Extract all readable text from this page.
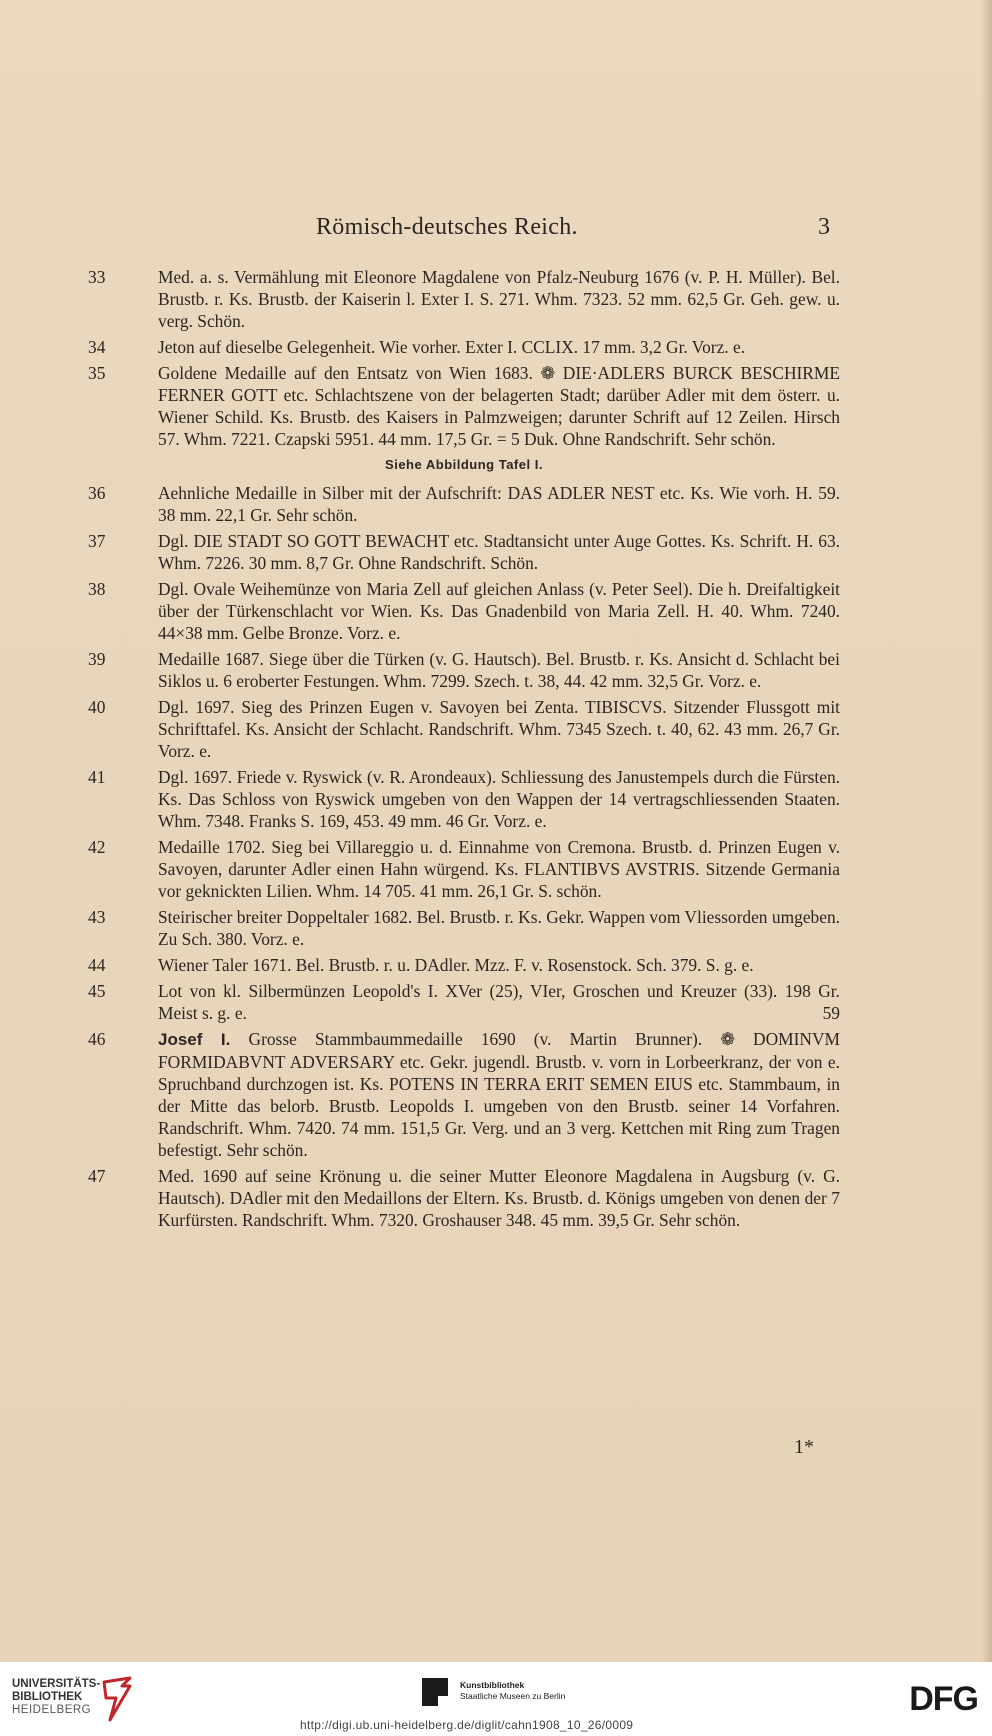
Römisch-deutsches Reich.	3
33	Med. a. s. Vermählung mit Eleonore Magdalene von Pfalz-Neuburg 1676 (v. P. H. Müller). Bel. Brustb. r. Ks. Brustb. der Kaiserin l. Exter I. S. 271. Whm. 7323. 52 mm. 62,5 Gr. Geh. gew. u. verg. Schön.
34	Jeton auf dieselbe Gelegenheit. Wie vorher. Exter I. CCLIX. 17 mm. 3,2 Gr. Vorz. e.
35	Goldene Medaille auf den Entsatz von Wien 1683. ❁ DIE·ADLERS BURCK BESCHIRME FERNER GOTT etc. Schlachtszene von der belagerten Stadt; darüber Adler mit dem österr. u. Wiener Schild. Ks. Brustb. des Kaisers in Palmzweigen; darunter Schrift auf 12 Zeilen. Hirsch 57. Whm. 7221. Czapski 5951. 44 mm. 17,5 Gr. = 5 Duk. Ohne Randschrift. Sehr schön.
Siehe Abbildung Tafel I.
36	Aehnliche Medaille in Silber mit der Aufschrift: DAS ADLER NEST etc. Ks. Wie vorh. H. 59. 38 mm. 22,1 Gr. Sehr schön.
37	Dgl. DIE STADT SO GOTT BEWACHT etc. Stadtansicht unter Auge Gottes. Ks. Schrift. H. 63. Whm. 7226. 30 mm. 8,7 Gr. Ohne Randschrift. Schön.
38	Dgl. Ovale Weihemünze von Maria Zell auf gleichen Anlass (v. Peter Seel). Die h. Dreifaltigkeit über der Türkenschlacht vor Wien. Ks. Das Gnadenbild von Maria Zell. H. 40. Whm. 7240. 44×38 mm. Gelbe Bronze. Vorz. e.
39	Medaille 1687. Siege über die Türken (v. G. Hautsch). Bel. Brustb. r. Ks. Ansicht d. Schlacht bei Siklos u. 6 eroberter Festungen. Whm. 7299. Szech. t. 38, 44. 42 mm. 32,5 Gr. Vorz. e.
40	Dgl. 1697. Sieg des Prinzen Eugen v. Savoyen bei Zenta. TIBISCVS. Sitzender Flussgott mit Schrifttafel. Ks. Ansicht der Schlacht. Randschrift. Whm. 7345 Szech. t. 40, 62. 43 mm. 26,7 Gr. Vorz. e.
41	Dgl. 1697. Friede v. Ryswick (v. R. Arondeaux). Schliessung des Janustempels durch die Fürsten. Ks. Das Schloss von Ryswick umgeben von den Wappen der 14 vertragschliessenden Staaten. Whm. 7348. Franks S. 169, 453. 49 mm. 46 Gr. Vorz. e.
42	Medaille 1702. Sieg bei Villareggio u. d. Einnahme von Cremona. Brustb. d. Prinzen Eugen v. Savoyen, darunter Adler einen Hahn würgend. Ks. FLANTIBVS AVSTRIS. Sitzende Germania vor geknickten Lilien. Whm. 14 705. 41 mm. 26,1 Gr. S. schön.
43	Steirischer breiter Doppeltaler 1682. Bel. Brustb. r. Ks. Gekr. Wappen vom Vliessorden umgeben. Zu Sch. 380. Vorz. e.
44	Wiener Taler 1671. Bel. Brustb. r. u. DAdler. Mzz. F. v. Rosenstock. Sch. 379. S. g. e.
45	Lot von kl. Silbermünzen Leopold's I. XVer (25), VIer, Groschen und Kreuzer (33). 198 Gr. Meist s. g. e.	59
46	Josef I. Grosse Stammbaummedaille 1690 (v. Martin Brunner). ❁ DOMINVM FORMIDABVNT ADVERSARY etc. Gekr. jugendl. Brustb. v. vorn in Lorbeerkranz, der von e. Spruchband durchzogen ist. Ks. POTENS IN TERRA ERIT SEMEN EIUS etc. Stammbaum, in der Mitte das belorb. Brustb. Leopolds I. umgeben von den Brustb. seiner 14 Vorfahren. Randschrift. Whm. 7420. 74 mm. 151,5 Gr. Verg. und an 3 verg. Kettchen mit Ring zum Tragen befestigt. Sehr schön.
47	Med. 1690 auf seine Krönung u. die seiner Mutter Eleonore Magdalena in Augsburg (v. G. Hautsch). DAdler mit den Medaillons der Eltern. Ks. Brustb. d. Königs umgeben von denen der 7 Kurfürsten. Randschrift. Whm. 7320. Groshauser 348. 45 mm. 39,5 Gr. Sehr schön.
1*
UNIVERSITÄTS-
BIBLIOTHEK
HEIDELBERG
Kunstbibliothek
Staatliche Museen zu Berlin	DFG
http://digi.ub.uni-heidelberg.de/diglit/cahn1908_10_26/0009
